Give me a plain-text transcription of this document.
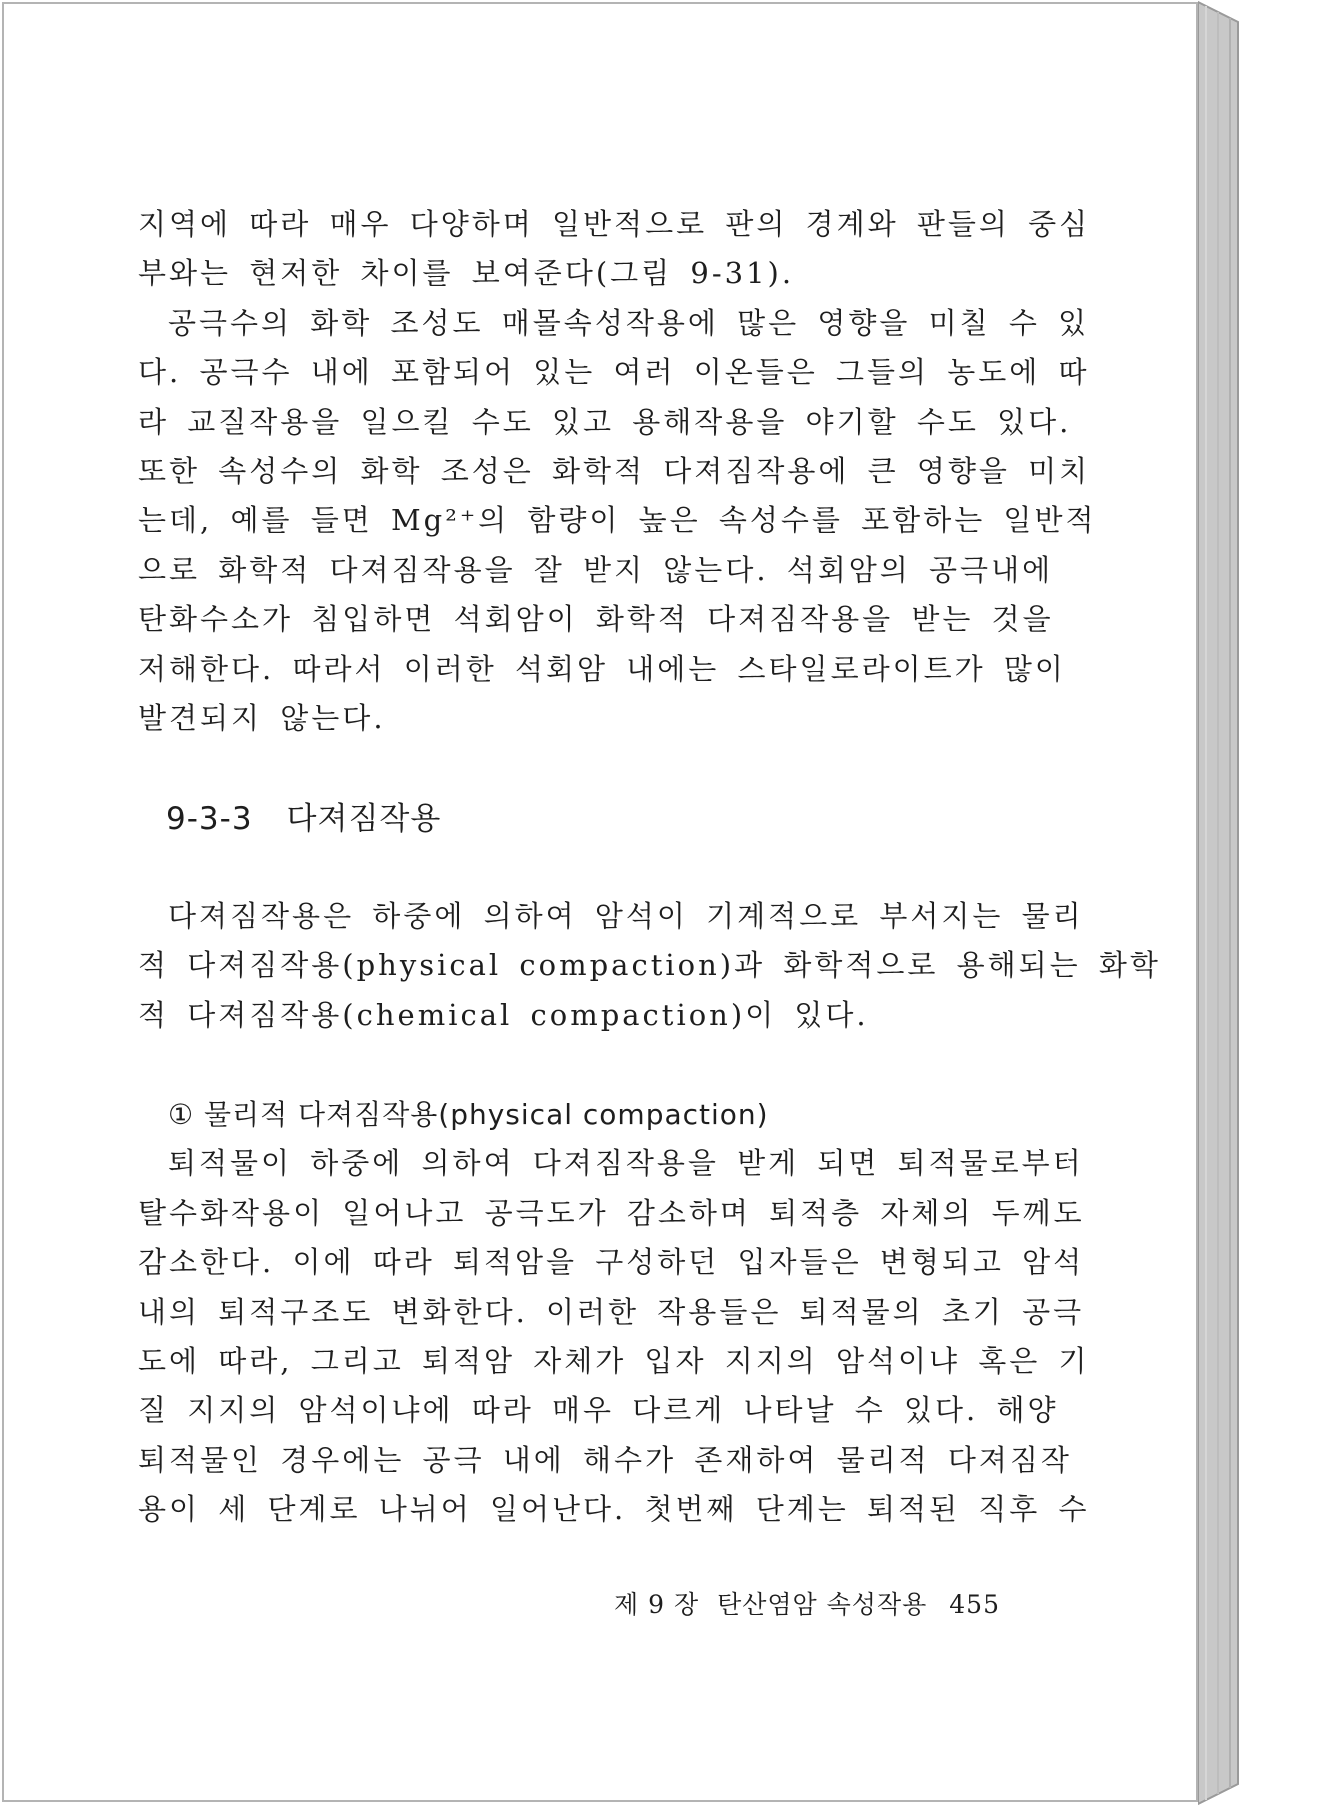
지역에 따라 매우 다양하며 일반적으로 판의 경계와 판들의 중심
부와는 현저한 차이를 보여준다(그림 9-31).

공극수의 화학 조성도 매몰속성작용에 많은 영향을 미칠 수 있
다. 공극수 내에 포함되어 있는 여러 이온들은 그들의 농도에 따
라 교질작용을 일으킬 수도 있고 용해작용을 야기할 수도 있다.
또한 속성수의 화학 조성은 화학적 다져짐작용에 큰 영향을 미치
는데, 예를 들면 Mg²⁺의 함량이 높은 속성수를 포함하는 일반적
으로 화학적 다져짐작용을 잘 받지 않는다. 석회암의 공극내에
탄화수소가 침입하면 석회암이 화학적 다져짐작용을 받는 것을
저해한다. 따라서 이러한 석회암 내에는 스타일로라이트가 많이
발견되지 않는다.

9-3-3 다져짐작용

다져짐작용은 하중에 의하여 암석이 기계적으로 부서지는 물리
적 다져짐작용(physical compaction)과 화학적으로 용해되는 화학
적 다져짐작용(chemical compaction)이 있다.

① 물리적 다져짐작용(physical compaction)

퇴적물이 하중에 의하여 다져짐작용을 받게 되면 퇴적물로부터
탈수화작용이 일어나고 공극도가 감소하며 퇴적층 자체의 두께도
감소한다. 이에 따라 퇴적암을 구성하던 입자들은 변형되고 암석
내의 퇴적구조도 변화한다. 이러한 작용들은 퇴적물의 초기 공극
도에 따라, 그리고 퇴적암 자체가 입자 지지의 암석이냐 혹은 기
질 지지의 암석이냐에 따라 매우 다르게 나타날 수 있다. 해양
퇴적물인 경우에는 공극 내에 해수가 존재하여 물리적 다져짐작
용이 세 단계로 나뉘어 일어난다. 첫번째 단계는 퇴적된 직후 수

제 9 장 탄산염암 속성작용 455
